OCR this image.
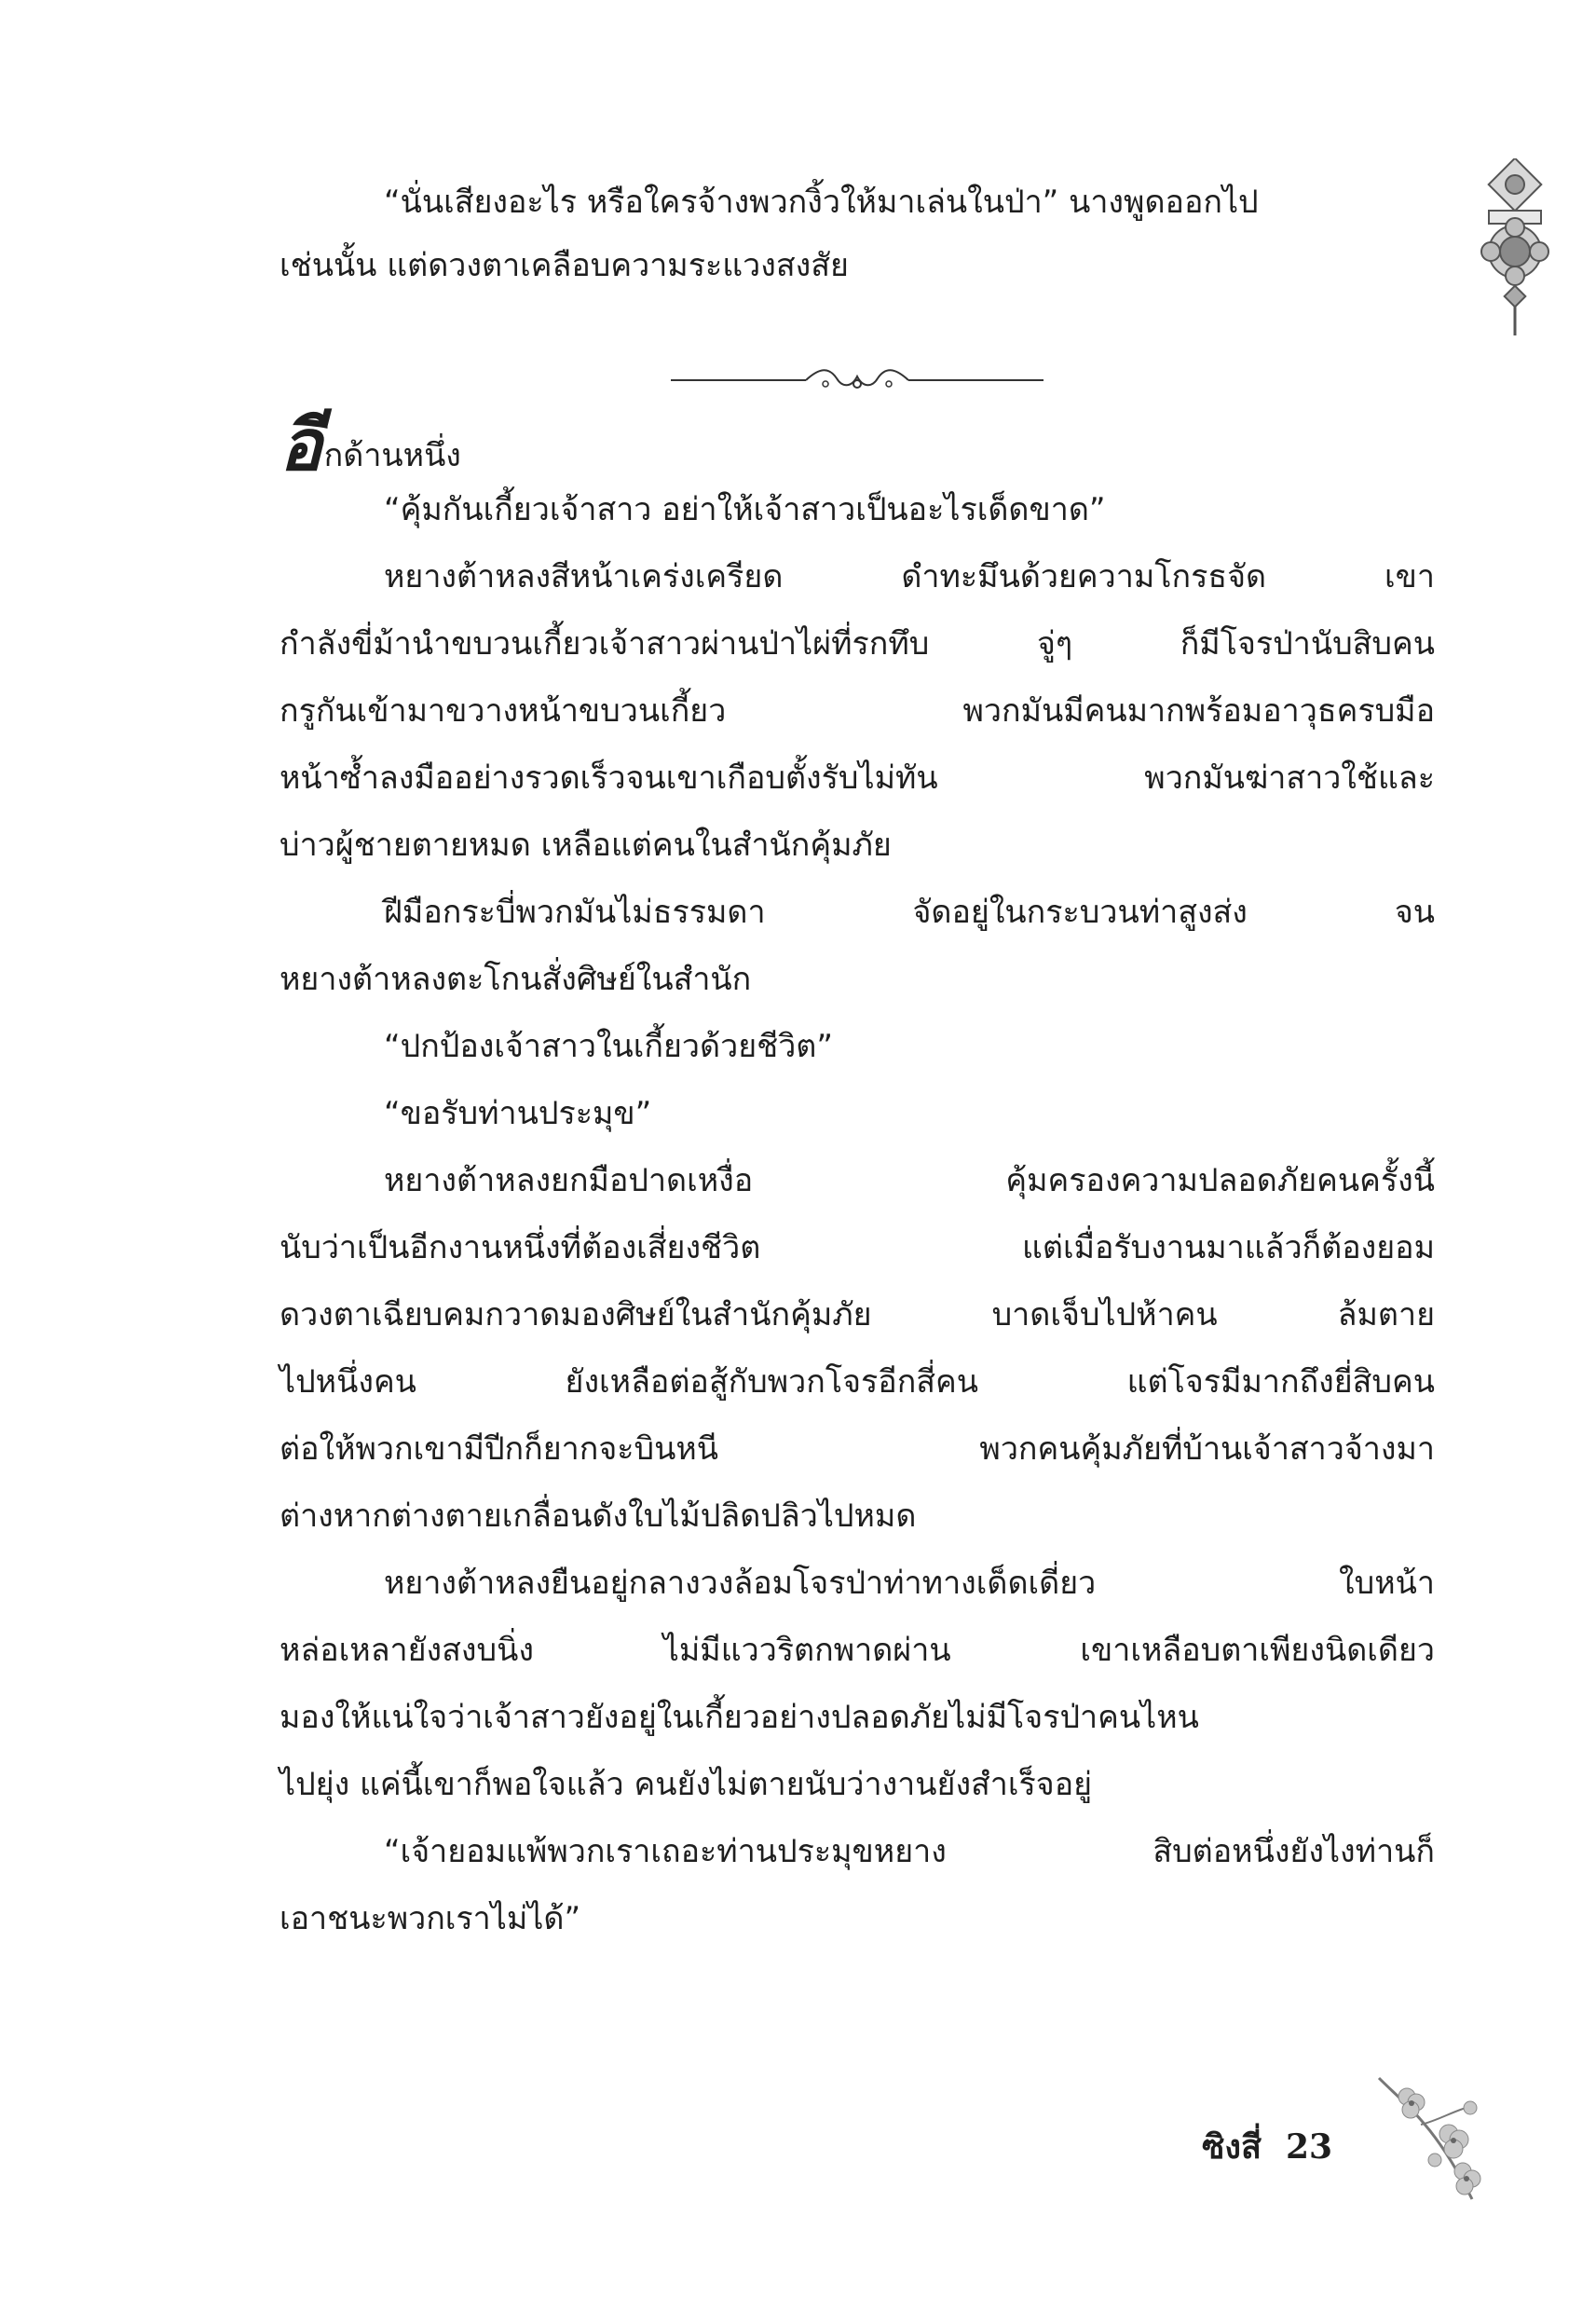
“นั่นเสียงอะไร หรือใครจ้างพวกงิ้วให้มาเล่นในป่า” นางพูดออกไป
เช่นนั้น แต่ดวงตาเคลือบความระแวงสงสัย
อีกด้านหนึ่ง
“คุ้มกันเกี้ยวเจ้าสาว อย่าให้เจ้าสาวเป็นอะไรเด็ดขาด”
หยางต้าหลงสีหน้าเคร่งเครียด ดำทะมึนด้วยความโกรธจัด เขา
กำลังขี่ม้านำขบวนเกี้ยวเจ้าสาวผ่านป่าไผ่ที่รกทึบ จู่ๆ ก็มีโจรป่านับสิบคน
กรูกันเข้ามาขวางหน้าขบวนเกี้ยว พวกมันมีคนมากพร้อมอาวุธครบมือ
หน้าซ้ำลงมืออย่างรวดเร็วจนเขาเกือบตั้งรับไม่ทัน พวกมันฆ่าสาวใช้และ
บ่าวผู้ชายตายหมด เหลือแต่คนในสำนักคุ้มภัย
ฝีมือกระบี่พวกมันไม่ธรรมดา จัดอยู่ในกระบวนท่าสูงส่ง จน
หยางต้าหลงตะโกนสั่งศิษย์ในสำนัก
“ปกป้องเจ้าสาวในเกี้ยวด้วยชีวิต”
“ขอรับท่านประมุข”
หยางต้าหลงยกมือปาดเหงื่อ คุ้มครองความปลอดภัยคนครั้งนี้
นับว่าเป็นอีกงานหนึ่งที่ต้องเสี่ยงชีวิต แต่เมื่อรับงานมาแล้วก็ต้องยอม
ดวงตาเฉียบคมกวาดมองศิษย์ในสำนักคุ้มภัย บาดเจ็บไปห้าคน ล้มตาย
ไปหนึ่งคน ยังเหลือต่อสู้กับพวกโจรอีกสี่คน แต่โจรมีมากถึงยี่สิบคน
ต่อให้พวกเขามีปีกก็ยากจะบินหนี พวกคนคุ้มภัยที่บ้านเจ้าสาวจ้างมา
ต่างหากต่างตายเกลื่อนดังใบไม้ปลิดปลิวไปหมด
หยางต้าหลงยืนอยู่กลางวงล้อมโจรป่าท่าทางเด็ดเดี่ยว ใบหน้า
หล่อเหลายังสงบนิ่ง ไม่มีแววริตกพาดผ่าน เขาเหลือบตาเพียงนิดเดียว
มองให้แน่ใจว่าเจ้าสาวยังอยู่ในเกี้ยวอย่างปลอดภัยไม่มีโจรป่าคนไหน
ไปยุ่ง แค่นี้เขาก็พอใจแล้ว คนยังไม่ตายนับว่างานยังสำเร็จอยู่
“เจ้ายอมแพ้พวกเราเถอะท่านประมุขหยาง สิบต่อหนึ่งยังไงท่านก็
เอาชนะพวกเราไม่ได้”
ซิงสี่ 23
